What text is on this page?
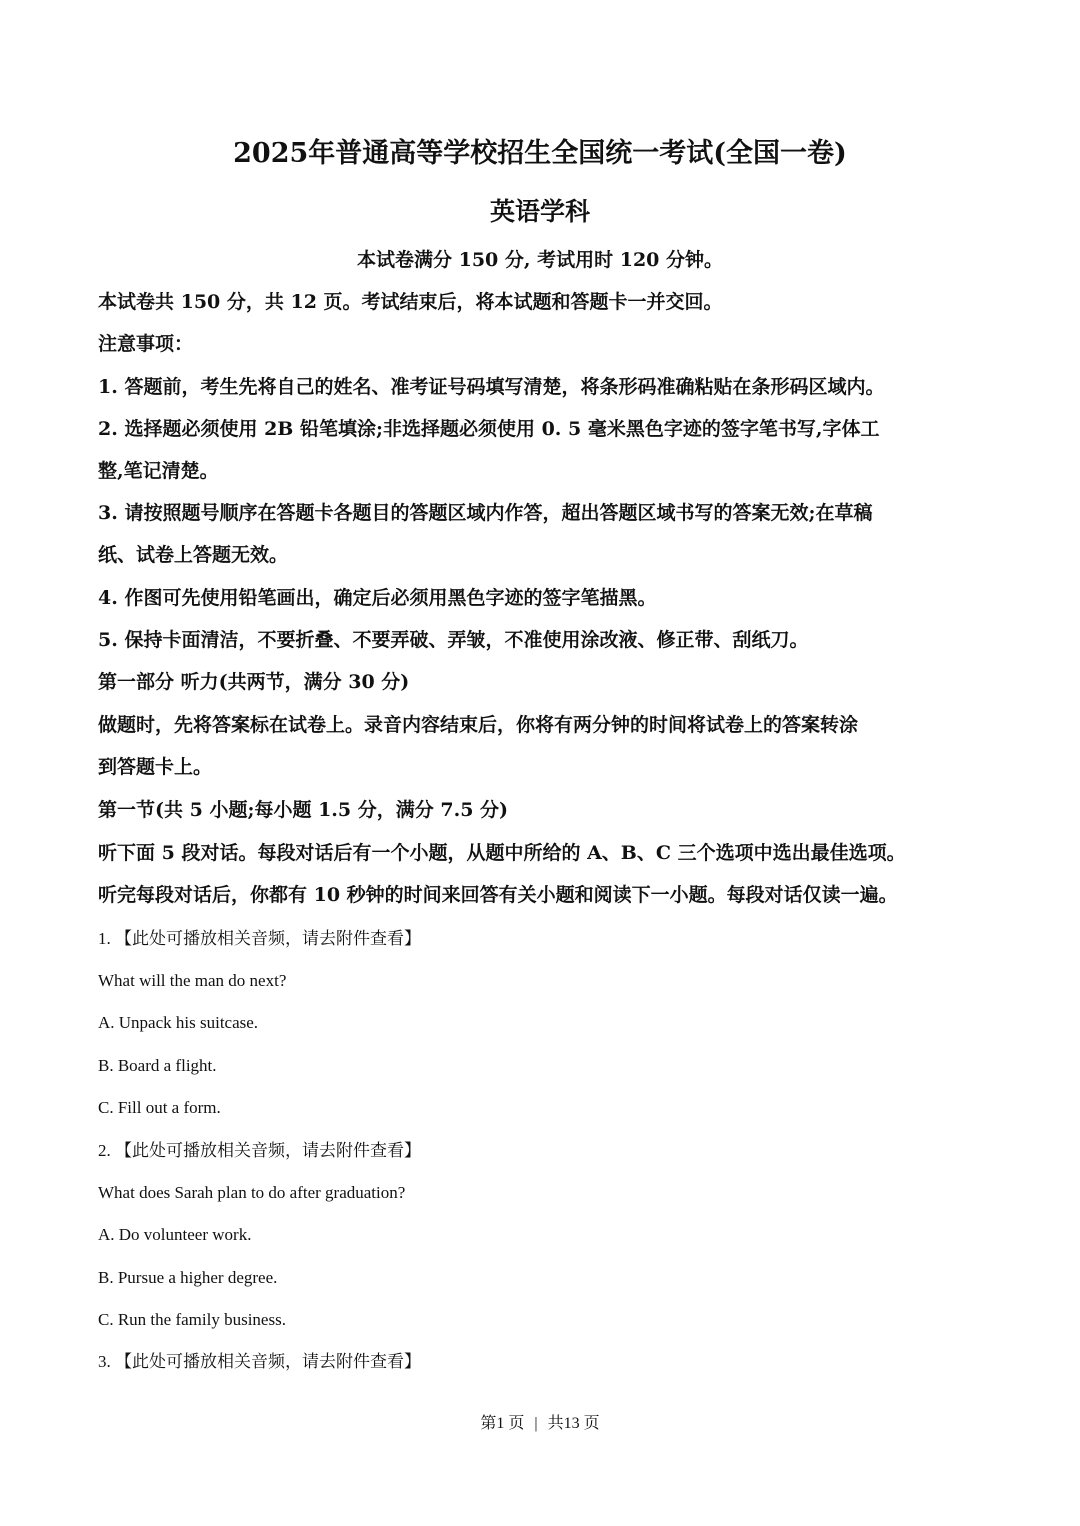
2025年普通高等学校招生全国统一考试(全国一卷)
英语学科
本试卷满分 150 分, 考试用时 120 分钟。
本试卷共 150 分，共 12 页。考试结束后，将本试题和答题卡一并交回。
注意事项：
1. 答题前，考生先将自己的姓名、准考证号码填写清楚，将条形码准确粘贴在条形码区域内。
2. 选择题必须使用 2B 铅笔填涂;非选择题必须使用 0. 5 毫米黑色字迹的签字笔书写,字体工
整,笔记清楚。
3. 请按照题号顺序在答题卡各题目的答题区域内作答，超出答题区域书写的答案无效;在草稿
纸、试卷上答题无效。
4. 作图可先使用铅笔画出，确定后必须用黑色字迹的签字笔描黑。
5. 保持卡面清洁，不要折叠、不要弄破、弄皱，不准使用涂改液、修正带、刮纸刀。
第一部分 听力(共两节，满分 30 分)
做题时，先将答案标在试卷上。录音内容结束后，你将有两分钟的时间将试卷上的答案转涂
到答题卡上。
第一节(共 5 小题;每小题 1.5 分，满分 7.5 分)
听下面 5 段对话。每段对话后有一个小题，从题中所给的 A、B、C 三个选项中选出最佳选项。
听完每段对话后，你都有 10 秒钟的时间来回答有关小题和阅读下一小题。每段对话仅读一遍。
1. 【此处可播放相关音频，请去附件查看】
What will the man do next?
A. Unpack his suitcase.
B. Board a flight.
C. Fill out a form.
2. 【此处可播放相关音频，请去附件查看】
What does Sarah plan to do after graduation?
A. Do volunteer work.
B. Pursue a higher degree.
C. Run the family business.
3. 【此处可播放相关音频，请去附件查看】
第1 页 | 共13 页
